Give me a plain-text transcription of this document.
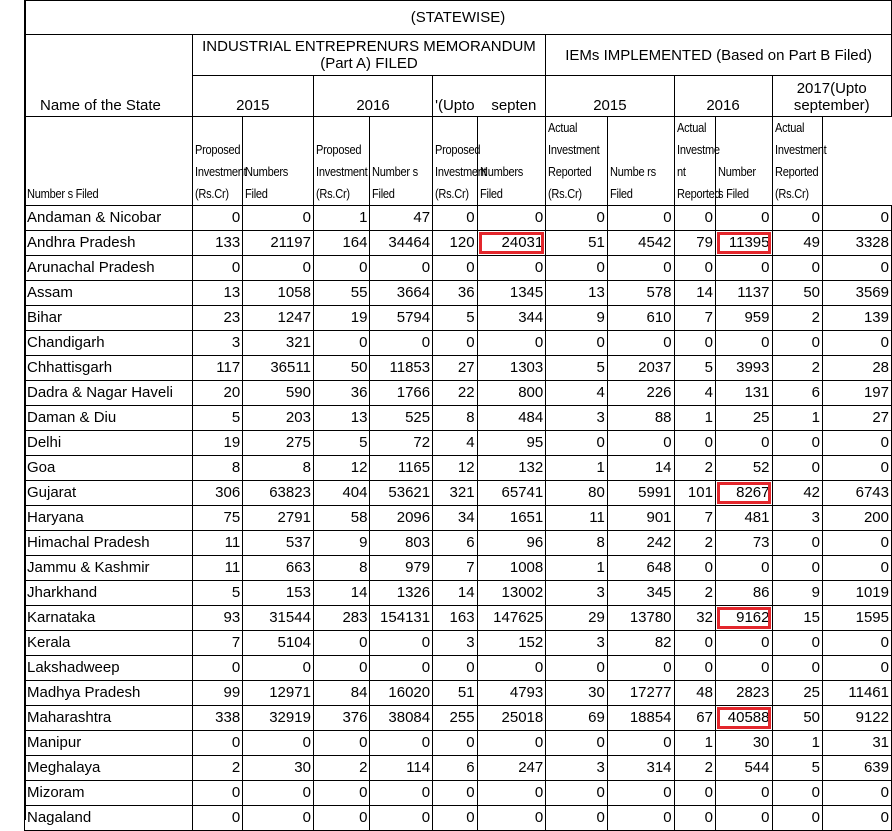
(STATEWISE)												
Name of the State	INDUSTRIAL ENTREPRENURS MEMORANDUM (Part A) FILED						IEMs IMPLEMENTED (Based on Part B Filed)					
	2015		2016		'(Upto    septen		2015		2016		2017(Upto september)	

Number s Filed	Proposed Investment (Rs.Cr)	Numbers Filed	Proposed Investment (Rs.Cr)	Number s Filed	Proposed Investment (Rs.Cr)	Numbers Filed	Actual Investment Reported (Rs.Cr)	Numbe rs Filed	Actual Investme nt Reported	Number s Filed	Actual Investment Reported (Rs.Cr)	

Andaman & Nicobar	0	0	1	47	0	0	0	0	0	0	0	0
Andhra Pradesh	133	21197	164	34464	120	24031	51	4542	79	11395	49	3328
Arunachal Pradesh	0	0	0	0	0	0	0	0	0	0	0	0
Assam	13	1058	55	3664	36	1345	13	578	14	1137	50	3569
Bihar	23	1247	19	5794	5	344	9	610	7	959	2	139
Chandigarh	3	321	0	0	0	0	0	0	0	0	0	0
Chhattisgarh	117	36511	50	11853	27	1303	5	2037	5	3993	2	28
Dadra & Nagar Haveli	20	590	36	1766	22	800	4	226	4	131	6	197
Daman & Diu	5	203	13	525	8	484	3	88	1	25	1	27
Delhi	19	275	5	72	4	95	0	0	0	0	0	0
Goa	8	8	12	1165	12	132	1	14	2	52	0	0
Gujarat	306	63823	404	53621	321	65741	80	5991	101	8267	42	6743
Haryana	75	2791	58	2096	34	1651	11	901	7	481	3	200
Himachal Pradesh	11	537	9	803	6	96	8	242	2	73	0	0
Jammu & Kashmir	11	663	8	979	7	1008	1	648	0	0	0	0
Jharkhand	5	153	14	1326	14	13002	3	345	2	86	9	1019
Karnataka	93	31544	283	154131	163	147625	29	13780	32	9162	15	1595
Kerala	7	5104	0	0	3	152	3	82	0	0	0	0
Lakshadweep	0	0	0	0	0	0	0	0	0	0	0	0
Madhya Pradesh	99	12971	84	16020	51	4793	30	17277	48	2823	25	11461
Maharashtra	338	32919	376	38084	255	25018	69	18854	67	40588	50	9122
Manipur	0	0	0	0	0	0	0	0	1	30	1	31
Meghalaya	2	30	2	114	6	247	3	314	2	544	5	639
Mizoram	0	0	0	0	0	0	0	0	0	0	0	0
Nagaland	0	0	0	0	0	0	0	0	0	0	0	0
